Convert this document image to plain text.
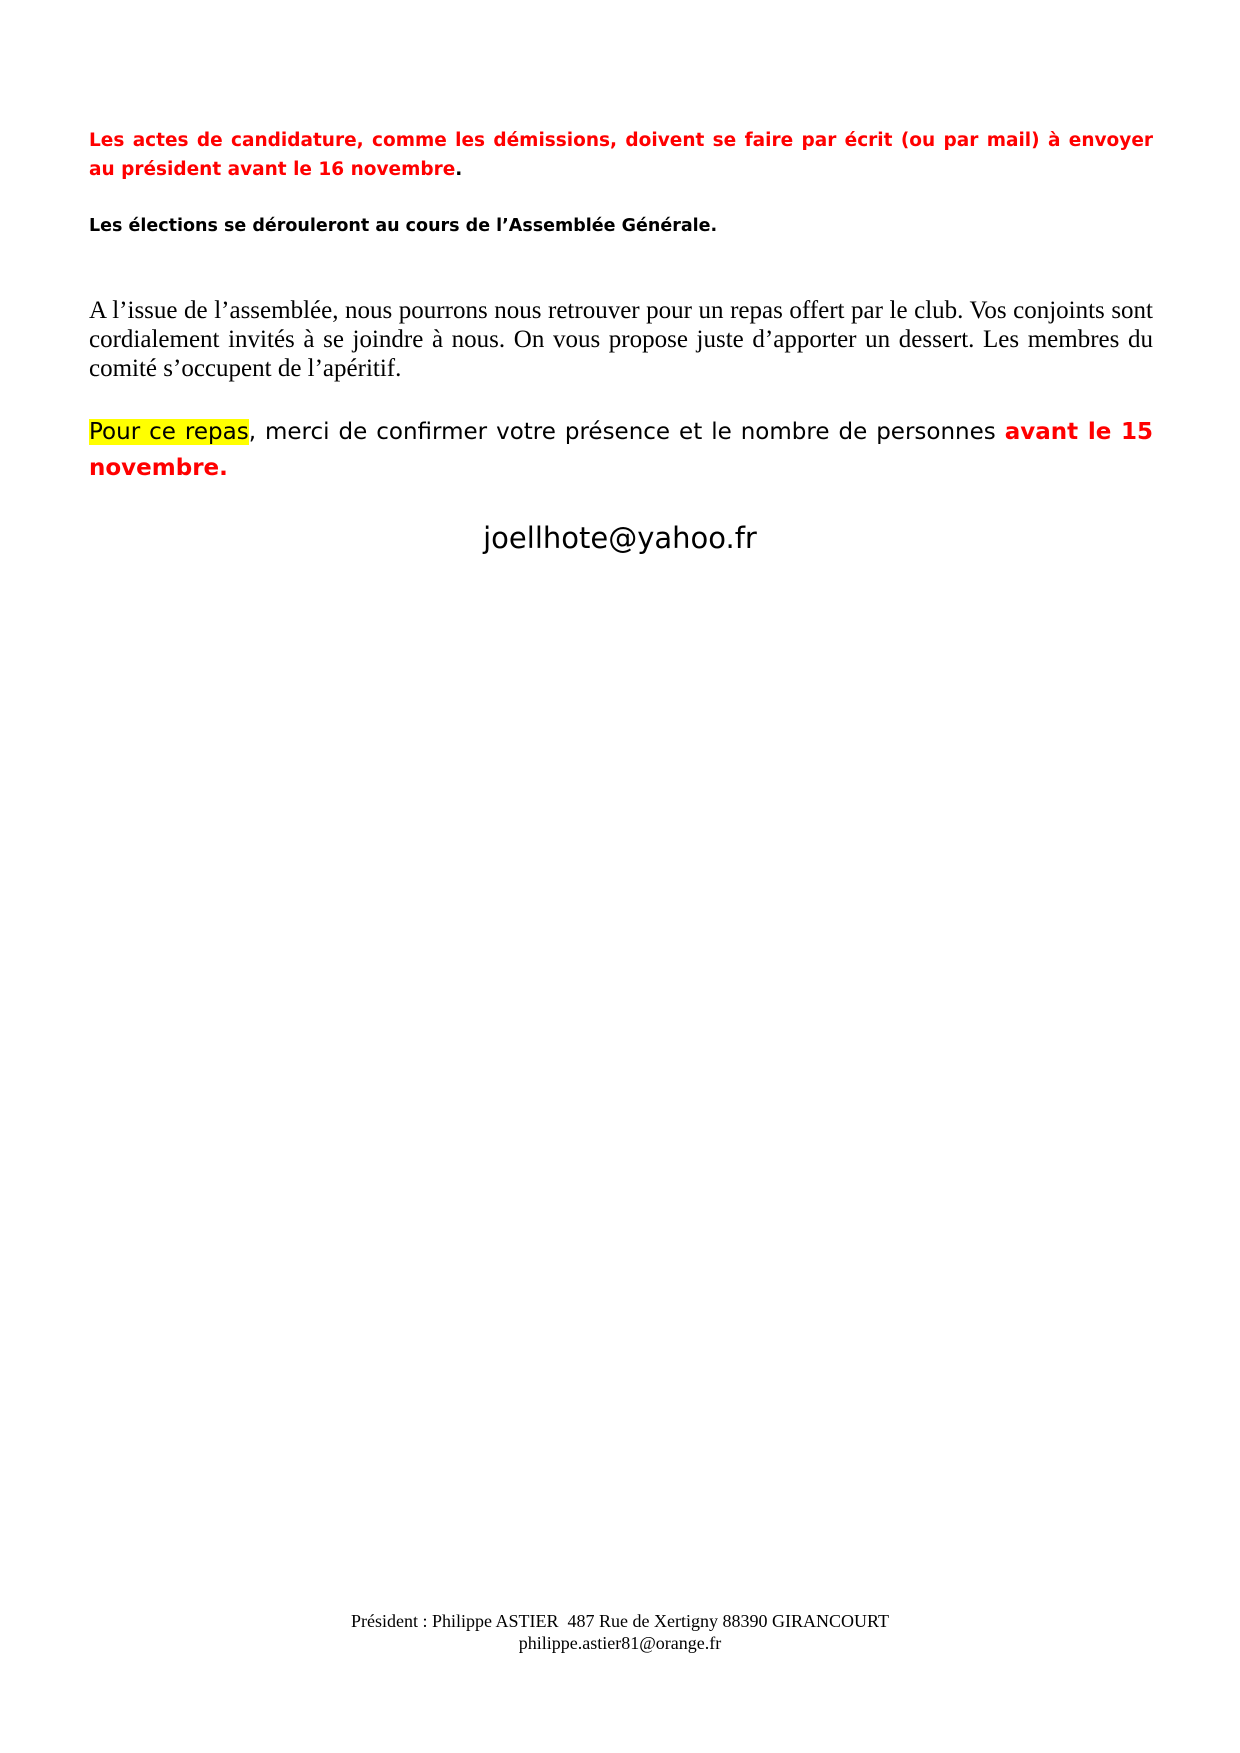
Les actes de candidature, comme les démissions, doivent se faire par écrit (ou par mail) à envoyer au président avant le 16 novembre.
Les élections se dérouleront au cours de l’Assemblée Générale.
A l’issue de l’assemblée, nous pourrons nous retrouver pour un repas offert par le club. Vos conjoints sont cordialement invités à se joindre à nous. On vous propose juste d’apporter un dessert. Les membres du comité s’occupent de l’apéritif.
Pour ce repas, merci de confirmer votre présence et le nombre de personnes avant le 15 novembre.
joellhote@yahoo.fr
Président : Philippe ASTIER  487 Rue de Xertigny 88390 GIRANCOURT
philippe.astier81@orange.fr
